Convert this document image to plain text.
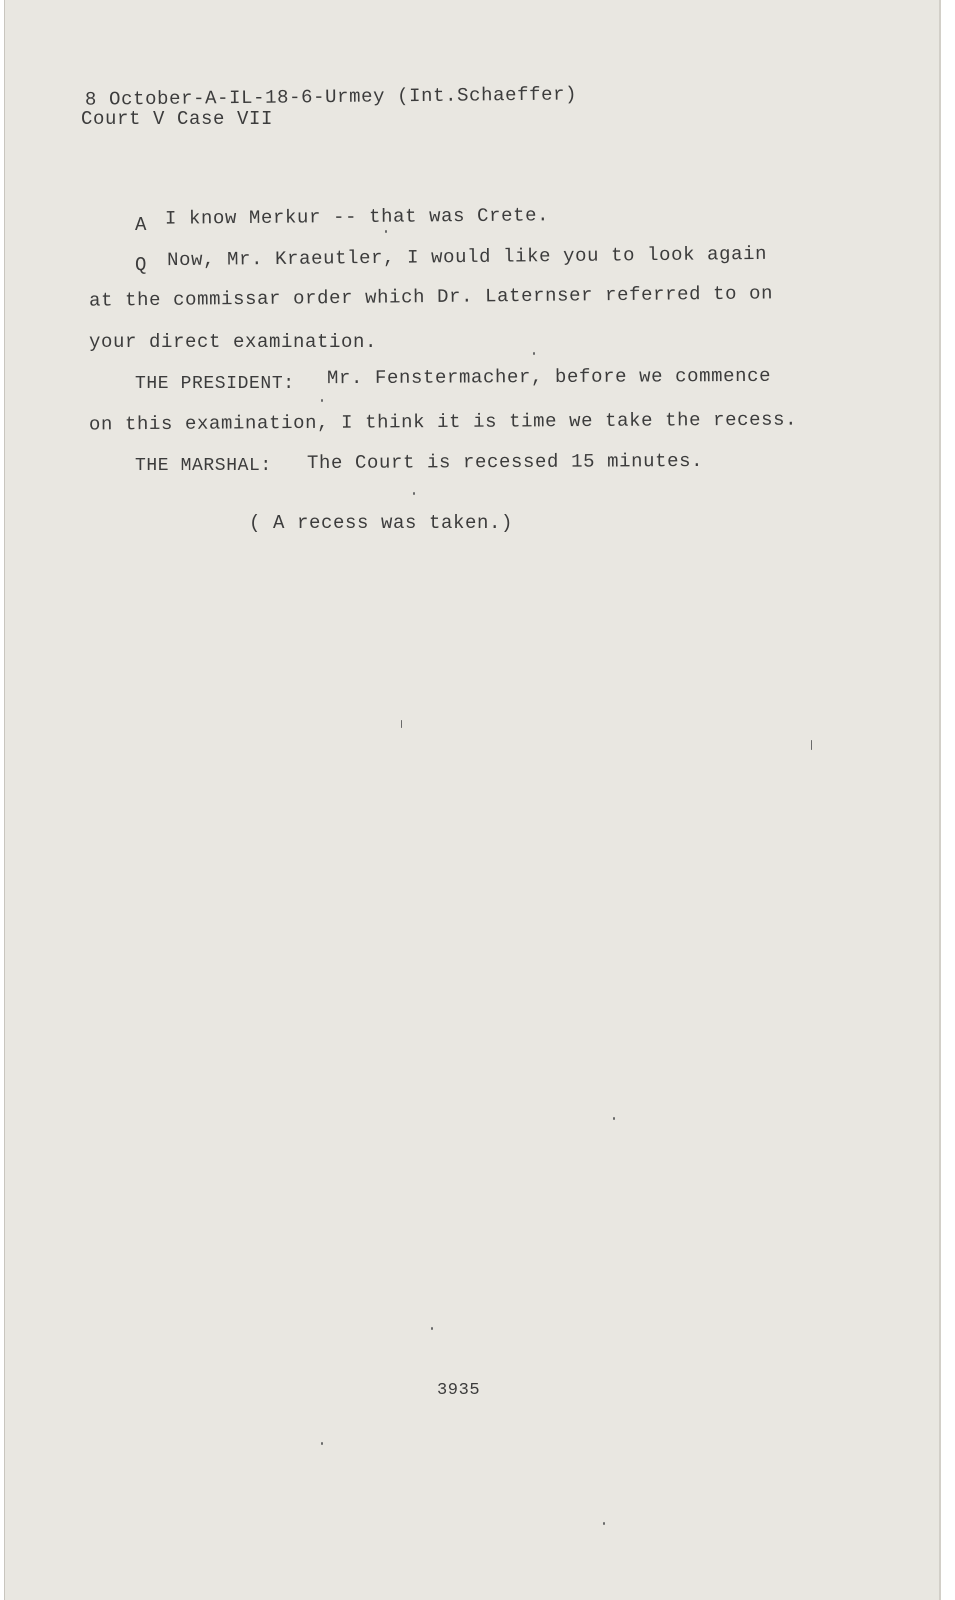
8 October-A-IL-18-6-Urmey (Int.Schaeffer)
Court V Case VII
A I know Merkur -- that was Crete.
Q Now, Mr. Kraeutler, I would like you to look again
at the commissar order which Dr. Laternser referred to on
your direct examination.
THE PRESIDENT: Mr. Fenstermacher, before we commence
on this examination, I think it is time we take the recess.
THE MARSHAL: The Court is recessed 15 minutes.
( A recess was taken.)
3935
